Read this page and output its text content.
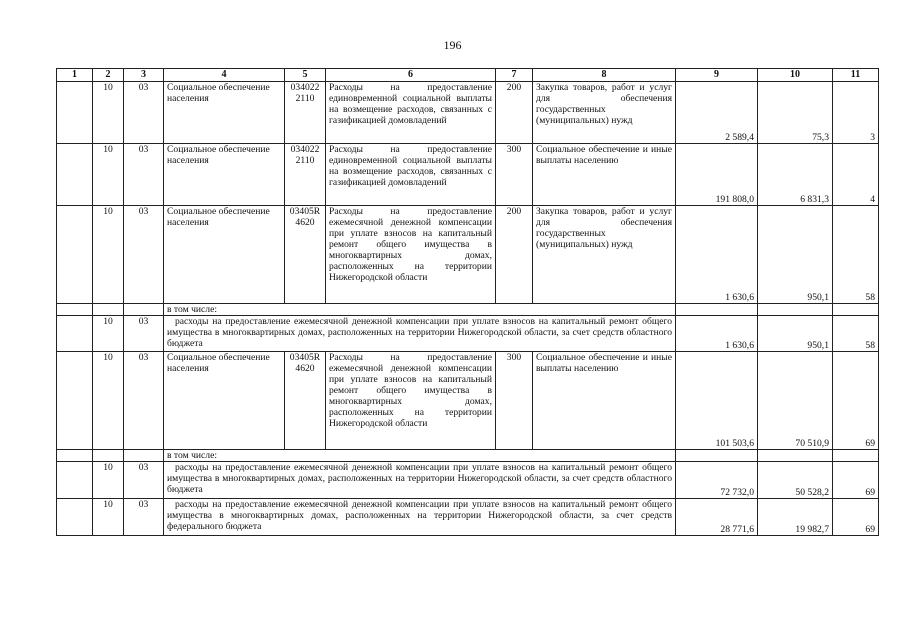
196
1	2	3	4	5	6	7	8	9	10	11
	10	03	Социальное обеспечение населения	034022 2110	Расходы на предоставление единовременной социальной выплаты на возмещение расходов, связанных с газификацией домовладений	200	Закупка товаров, работ и услуг для обеспечения государственных (муниципальных) нужд	2 589,4	75,3	3
	10	03	Социальное обеспечение населения	034022 2110	Расходы на предоставление единовременной социальной выплаты на возмещение расходов, связанных с газификацией домовладений	300	Социальное обеспечение и иные выплаты населению	191 808,0	6 831,3	4
	10	03	Социальное обеспечение населения	03405R 4620	Расходы на предоставление ежемесячной денежной компенсации при уплате взносов на капитальный ремонт общего имущества в многоквартирных домах, расположенных на территории Нижегородской области	200	Закупка товаров, работ и услуг для обеспечения государственных (муниципальных) нужд	1 630,6	950,1	58
			в том числе:							
	10	03	расходы на предоставление ежемесячной денежной компенсации при уплате взносов на капитальный ремонт общего имущества в многоквартирных домах, расположенных на территории Нижегородской области, за счет средств областного бюджета					1 630,6	950,1	58
	10	03	Социальное обеспечение населения	03405R 4620	Расходы на предоставление ежемесячной денежной компенсации при уплате взносов на капитальный ремонт общего имущества в многоквартирных домах, расположенных на территории Нижегородской области	300	Социальное обеспечение и иные выплаты населению	101 503,6	70 510,9	69
			в том числе:							
	10	03	расходы на предоставление ежемесячной денежной компенсации при уплате взносов на капитальный ремонт общего имущества в многоквартирных домах, расположенных на территории Нижегородской области, за счет средств областного бюджета					72 732,0	50 528,2	69
	10	03	расходы на предоставление ежемесячной денежной компенсации при уплате взносов на капитальный ремонт общего имущества в многоквартирных домах, расположенных на территории Нижегородской области, за счет средств федерального бюджета					28 771,6	19 982,7	69
